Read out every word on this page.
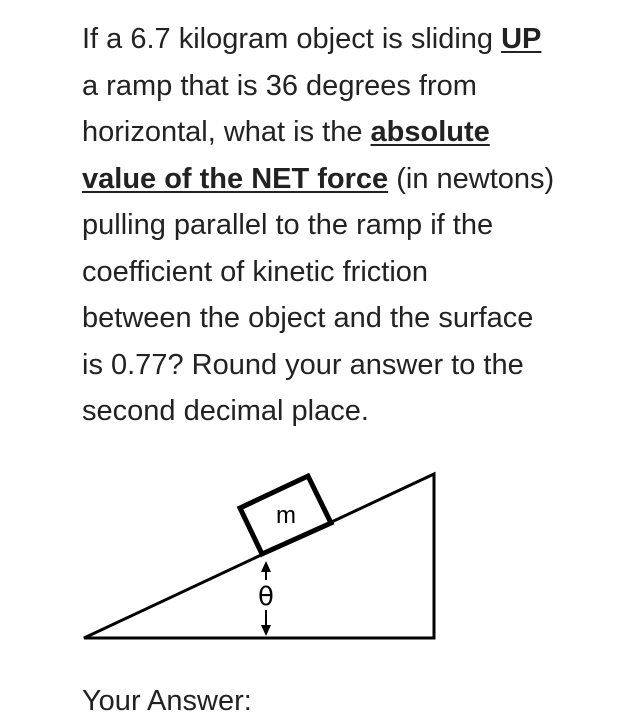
If a 6.7 kilogram object is sliding UP
a ramp that is 36 degrees from
horizontal, what is the absolute
value of the NET force (in newtons)
pulling parallel to the ramp if the
coefficient of kinetic friction
between the object and the surface
is 0.77? Round your answer to the
second decimal place.
m
θ
Your Answer:
